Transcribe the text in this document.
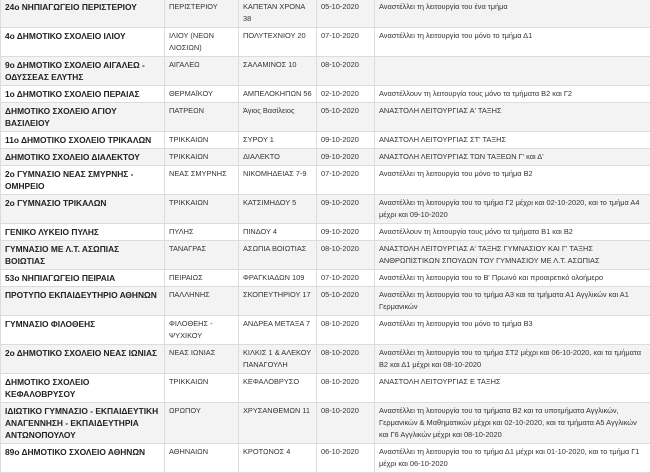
24ο ΝΗΠΙΑΓΩΓΕΙΟ ΠΕΡΙΣΤΕΡΙΟΥ	ΠΕΡΙΣΤΕΡΙΟΥ	ΚΑΠΕΤΑΝ ΧΡΟΝΑ 38	05-10-2020	Αναστέλλει τη λειτουργία του ένα τμήμα
4ο ΔΗΜΟΤΙΚΟ ΣΧΟΛΕΙΟ ΙΛΙΟΥ	ΙΛΙΟΥ (ΝΕΩΝ ΛΙΟΣΙΩΝ)	ΠΟΛΥΤΕΧΝΙΟΥ 20	07-10-2020	Αναστέλλει τη λειτουργία του μόνο το τμήμα Δ1
9ο ΔΗΜΟΤΙΚΟ ΣΧΟΛΕΙΟ ΑΙΓΑΛΕΩ - ΟΔΥΣΣΕΑΣ ΕΛΥΤΗΣ	ΑΙΓΑΛΕΩ	ΣΑΛΑΜΙΝΟΣ 10	08-10-2020	
1ο ΔΗΜΟΤΙΚΟ ΣΧΟΛΕΙΟ ΠΕΡΑΙΑΣ	ΘΕΡΜΑΪΚΟΥ	ΑΜΠΕΛΟΚΗΠΩΝ 56	02-10-2020	Αναστέλλουν τη λειτουργία τους μόνο τα τμήματα Β2 και Γ2
ΔΗΜΟΤΙΚΟ ΣΧΟΛΕΙΟ ΑΓΙΟΥ ΒΑΣΙΛΕΙΟΥ	ΠΑΤΡΕΩΝ	Άγιος Βασίλειος	05-10-2020	ΑΝΑΣΤΟΛΗ ΛΕΙΤΟΥΡΓΙΑΣ Α' ΤΑΞΗΣ
11ο ΔΗΜΟΤΙΚΟ ΣΧΟΛΕΙΟ ΤΡΙΚΑΛΩΝ	ΤΡΙΚΚΑΙΩΝ	ΣΥΡΟΥ 1	09-10-2020	ΑΝΑΣΤΟΛΗ ΛΕΙΤΟΥΡΓΙΑΣ ΣΤ' ΤΑΞΗΣ
ΔΗΜΟΤΙΚΟ ΣΧΟΛΕΙΟ ΔΙΑΛΕΚΤΟΥ	ΤΡΙΚΚΑΙΩΝ	ΔΙΑΛΕΚΤΟ	09-10-2020	ΑΝΑΣΤΟΛΗ ΛΕΙΤΟΥΡΓΙΑΣ ΤΩΝ ΤΑΞΕΩΝ Γ' και Δ'
2ο ΓΥΜΝΑΣΙΟ ΝΕΑΣ ΣΜΥΡΝΗΣ - ΟΜΗΡΕΙΟ	ΝΕΑΣ ΣΜΥΡΝΗΣ	ΝΙΚΟΜΗΔΕΙΑΣ 7-9	07-10-2020	Αναστέλλει τη λειτουργία του μόνο το τμήμα Β2
2ο ΓΥΜΝΑΣΙΟ ΤΡΙΚΑΛΩΝ	ΤΡΙΚΚΑΙΩΝ	ΚΑΤΣΙΜΗΔΟΥ 5	09-10-2020	Αναστέλλει τη λειτουργία του το τμήμα Γ2 μέχρι και 02-10-2020, και το τμήμα Α4 μέχρι και 09-10-2020
ΓΕΝΙΚΟ ΛΥΚΕΙΟ ΠΥΛΗΣ	ΠΥΛΗΣ	ΠΙΝΔΟΥ 4	09-10-2020	Αναστέλλουν τη λειτουργία τους μόνο τα τμήματα Β1 και Β2
ΓΥΜΝΑΣΙΟ ΜΕ Λ.Τ. ΑΣΩΠΙΑΣ ΒΟΙΩΤΙΑΣ	ΤΑΝΑΓΡΑΣ	ΑΣΩΠΙΑ ΒΟΙΩΤΙΑΣ	08-10-2020	ΑΝΑΣΤΟΛΗ ΛΕΙΤΟΥΡΓΙΑΣ Α' ΤΑΞΗΣ ΓΥΜΝΑΣΙΟΥ ΚΑΙ Γ' ΤΑΞΗΣ ΑΝΘΡΩΠΙΣΤΙΚΩΝ ΣΠΟΥΔΩΝ ΤΟΥ ΓΥΜΝΑΣΙΟΥ ΜΕ Λ.Τ. ΑΣΩΠΙΑΣ
53ο ΝΗΠΙΑΓΩΓΕΙΟ ΠΕΙΡΑΙΑ	ΠΕΙΡΑΙΩΣ	ΦΡΑΓΚΙΑΔΩΝ 109	07-10-2020	Αναστέλλει τη λειτουργία του το Β' Πρωινό και προαιρετικό ολοήμερο
ΠΡΟΤΥΠΟ ΕΚΠΑΙΔΕΥΤΗΡΙΟ ΑΘΗΝΩΝ	ΠΑΛΛΗΝΗΣ	ΣΚΟΠΕΥΤΗΡΙΟΥ 17	05-10-2020	Αναστέλλει τη λειτουργία του το τμήμα Α3 και τα τμήματα Α1 Αγγλικών και Α1 Γερμανικών
ΓΥΜΝΑΣΙΟ ΦΙΛΟΘΕΗΣ	ΦΙΛΟΘΕΗΣ - ΨΥΧΙΚΟΥ	ΑΝΔΡΕΑ ΜΕΤΑΞΑ 7	08-10-2020	Αναστέλλει τη λειτουργία του μόνο το τμήμα Β3
2ο ΔΗΜΟΤΙΚΟ ΣΧΟΛΕΙΟ ΝΕΑΣ ΙΩΝΙΑΣ	ΝΕΑΣ ΙΩΝΙΑΣ	ΚΙΛΚΙΣ 1 & ΑΛΕΚΟΥ ΠΑΝΑΓΟΥΛΗ	08-10-2020	Αναστέλλει τη λειτουργία του το τμήμα ΣΤ2 μέχρι και 06-10-2020, και τα τμήματα Β2 και Δ1 μέχρι και 08-10-2020
ΔΗΜΟΤΙΚΟ ΣΧΟΛΕΙΟ ΚΕΦΑΛΟΒΡΥΣΟΥ	ΤΡΙΚΚΑΙΩΝ	ΚΕΦΑΛΟΒΡΥΣΟ	08-10-2020	ΑΝΑΣΤΟΛΗ ΛΕΙΤΟΥΡΓΙΑΣ Ε ΤΑΞΗΣ
ΙΔΙΩΤΙΚΟ ΓΥΜΝΑΣΙΟ - ΕΚΠΑΙΔΕΥΤΙΚΗ ΑΝΑΓΕΝΝΗΣΗ - ΕΚΠΑΙΔΕΥΤΗΡΙΑ ΑΝΤΩΝΟΠΟΥΛΟΥ	ΩΡΩΠΟΥ	ΧΡΥΣΑΝΘΕΜΩΝ 11	08-10-2020	Αναστέλλει τη λειτουργία του τα τμήματα Β2 και τα υποτμήματα Αγγλικών, Γερμανικών & Μαθηματικών μέχρι και 02-10-2020, και τα τμήματα Α5 Αγγλικών και Γ6 Αγγλικών μέχρι και 08-10-2020
89ο ΔΗΜΟΤΙΚΟ ΣΧΟΛΕΙΟ ΑΘΗΝΩΝ	ΑΘΗΝΑΙΩΝ	ΚΡΟΤΩΝΟΣ 4	06-10-2020	Αναστέλλει τη λειτουργία του το τμήμα Δ1 μέχρι και 01-10-2020, και το τμήμα Γ1 μέχρι και 06-10-2020
